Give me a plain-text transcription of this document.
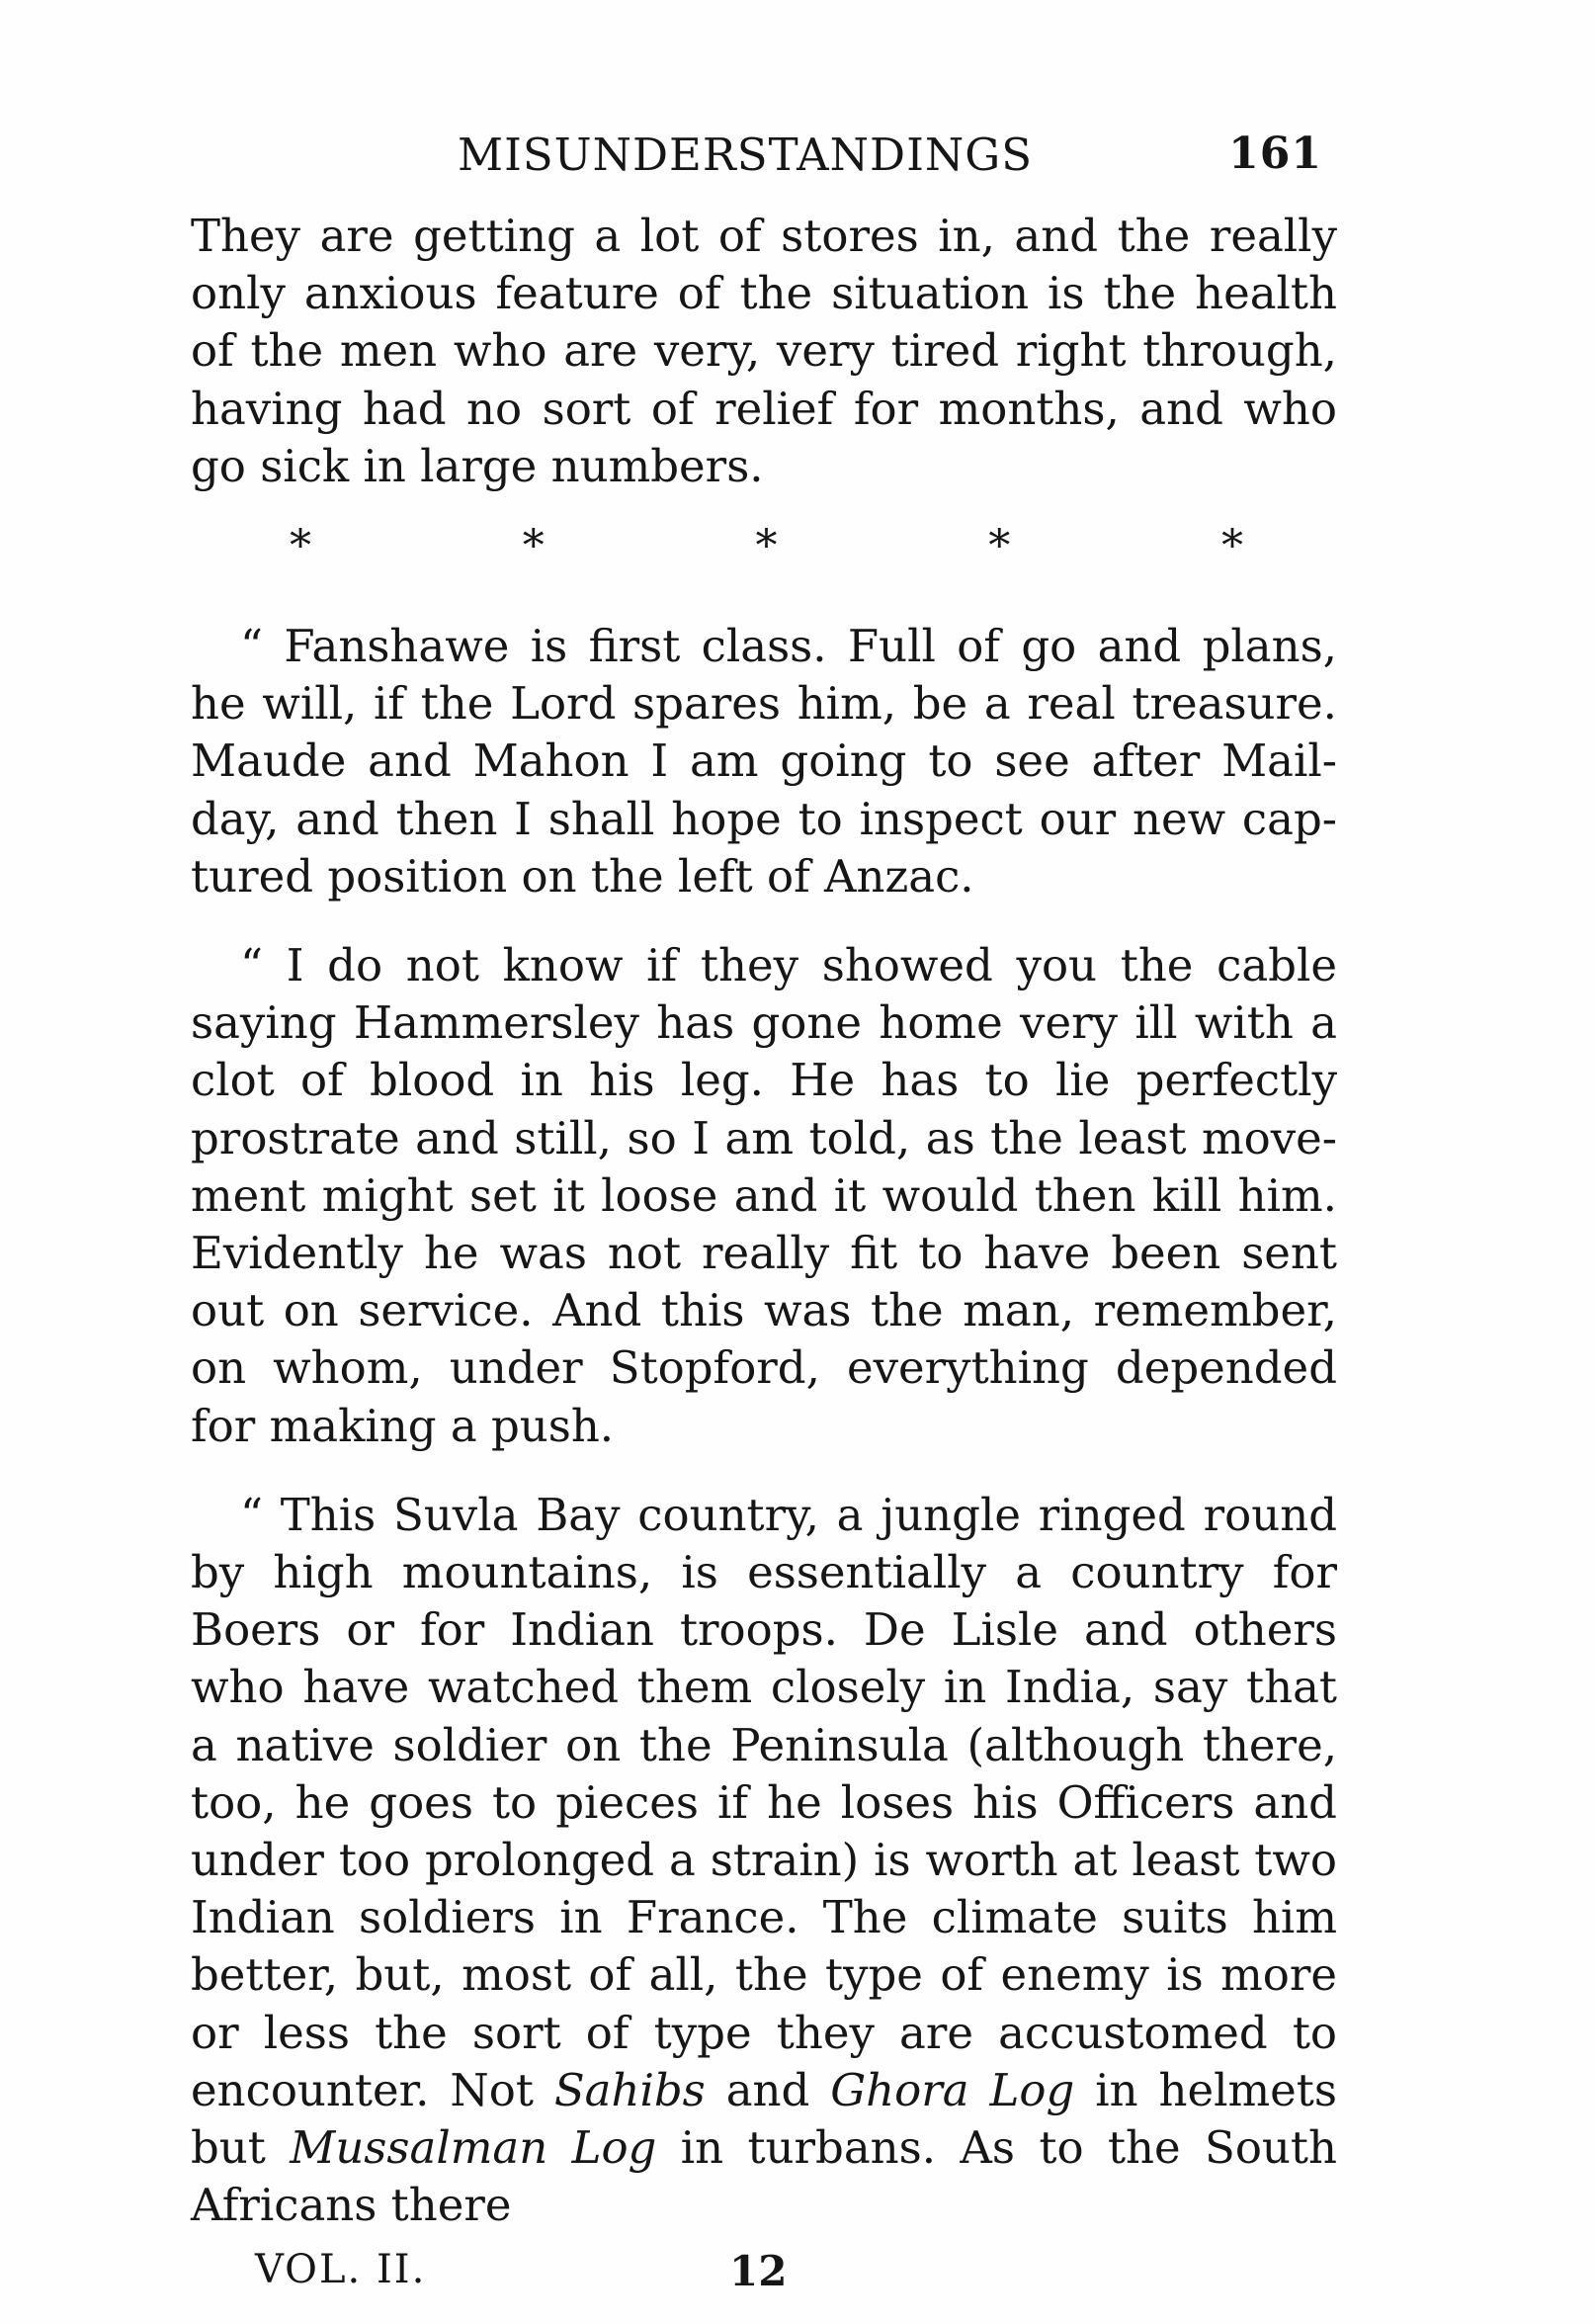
MISUNDERSTANDINGS	161

They are getting a lot of stores in, and the really only anxious feature of the situation is the health of the men who are very, very tired right through, having had no sort of relief for months, and who go sick in large numbers.

*	*	*	*	*

“ Fanshawe is first class. Full of go and plans, he will, if the Lord spares him, be a real treasure. Maude and Mahon I am going to see after Mail-day, and then I shall hope to inspect our new captured position on the left of Anzac.

“ I do not know if they showed you the cable saying Hammersley has gone home very ill with a clot of blood in his leg. He has to lie perfectly prostrate and still, so I am told, as the least movement might set it loose and it would then kill him. Evidently he was not really fit to have been sent out on service. And this was the man, remember, on whom, under Stopford, everything depended for making a push.

“ This Suvla Bay country, a jungle ringed round by high mountains, is essentially a country for Boers or for Indian troops. De Lisle and others who have watched them closely in India, say that a native soldier on the Peninsula (although there, too, he goes to pieces if he loses his Officers and under too prolonged a strain) is worth at least two Indian soldiers in France. The climate suits him better, but, most of all, the type of enemy is more or less the sort of type they are accustomed to encounter. Not Sahibs and Ghora Log in helmets but Mussalman Log in turbans. As to the South Africans there

VOL. II.	12
